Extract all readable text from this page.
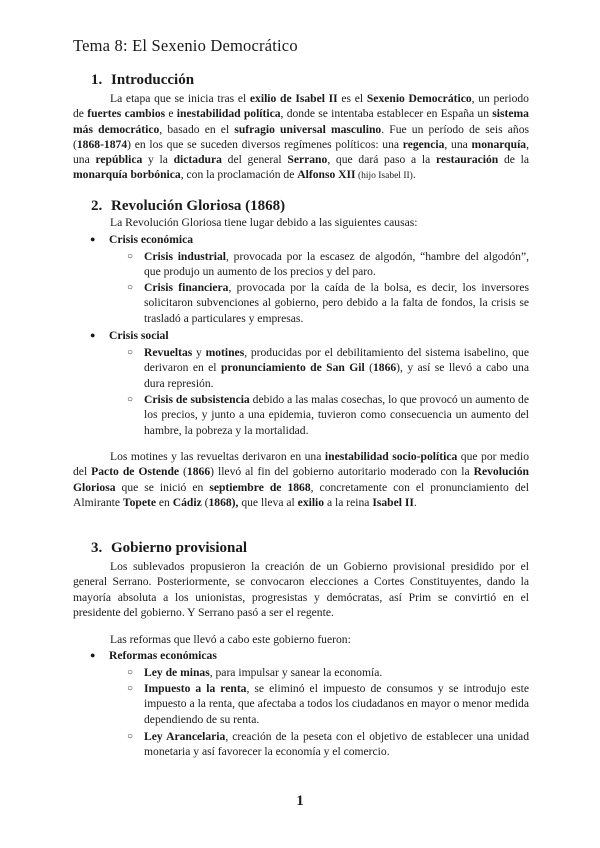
Tema 8: El Sexenio Democrático
1. Introducción
La etapa que se inicia tras el exilio de Isabel II es el Sexenio Democrático, un periodo de fuertes cambios e inestabilidad política, donde se intentaba establecer en España un sistema más democrático, basado en el sufragio universal masculino. Fue un período de seis años (1868-1874) en los que se suceden diversos regímenes políticos: una regencia, una monarquía, una república y la dictadura del general Serrano, que dará paso a la restauración de la monarquía borbónica, con la proclamación de Alfonso XII (hijo Isabel II).
2. Revolución Gloriosa (1868)
La Revolución Gloriosa tiene lugar debido a las siguientes causas:
● Crisis económica
○ Crisis industrial, provocada por la escasez de algodón, “hambre del algodón”, que produjo un aumento de los precios y del paro.
○ Crisis financiera, provocada por la caída de la bolsa, es decir, los inversores solicitaron subvenciones al gobierno, pero debido a la falta de fondos, la crisis se trasladó a particulares y empresas.
● Crisis social
○ Revueltas y motines, producidas por el debilitamiento del sistema isabelino, que derivaron en el pronunciamiento de San Gil (1866), y así se llevó a cabo una dura represión.
○ Crisis de subsistencia debido a las malas cosechas, lo que provocó un aumento de los precios, y junto a una epidemia, tuvieron como consecuencia un aumento del hambre, la pobreza y la mortalidad.
Los motines y las revueltas derivaron en una inestabilidad socio-política que por medio del Pacto de Ostende (1866) llevó al fin del gobierno autoritario moderado con la Revolución Gloriosa que se inició en septiembre de 1868, concretamente con el pronunciamiento del Almirante Topete en Cádiz (1868), que lleva al exilio a la reina Isabel II.
3. Gobierno provisional
Los sublevados propusieron la creación de un Gobierno provisional presidido por el general Serrano. Posteriormente, se convocaron elecciones a Cortes Constituyentes, dando la mayoría absoluta a los unionistas, progresistas y demócratas, así Prim se convirtió en el presidente del gobierno. Y Serrano pasó a ser el regente.
Las reformas que llevó a cabo este gobierno fueron:
● Reformas económicas
○ Ley de minas, para impulsar y sanear la economía.
○ Impuesto a la renta, se eliminó el impuesto de consumos y se introdujo este impuesto a la renta, que afectaba a todos los ciudadanos en mayor o menor medida dependiendo de su renta.
○ Ley Arancelaria, creación de la peseta con el objetivo de establecer una unidad monetaria y así favorecer la economía y el comercio.
1
